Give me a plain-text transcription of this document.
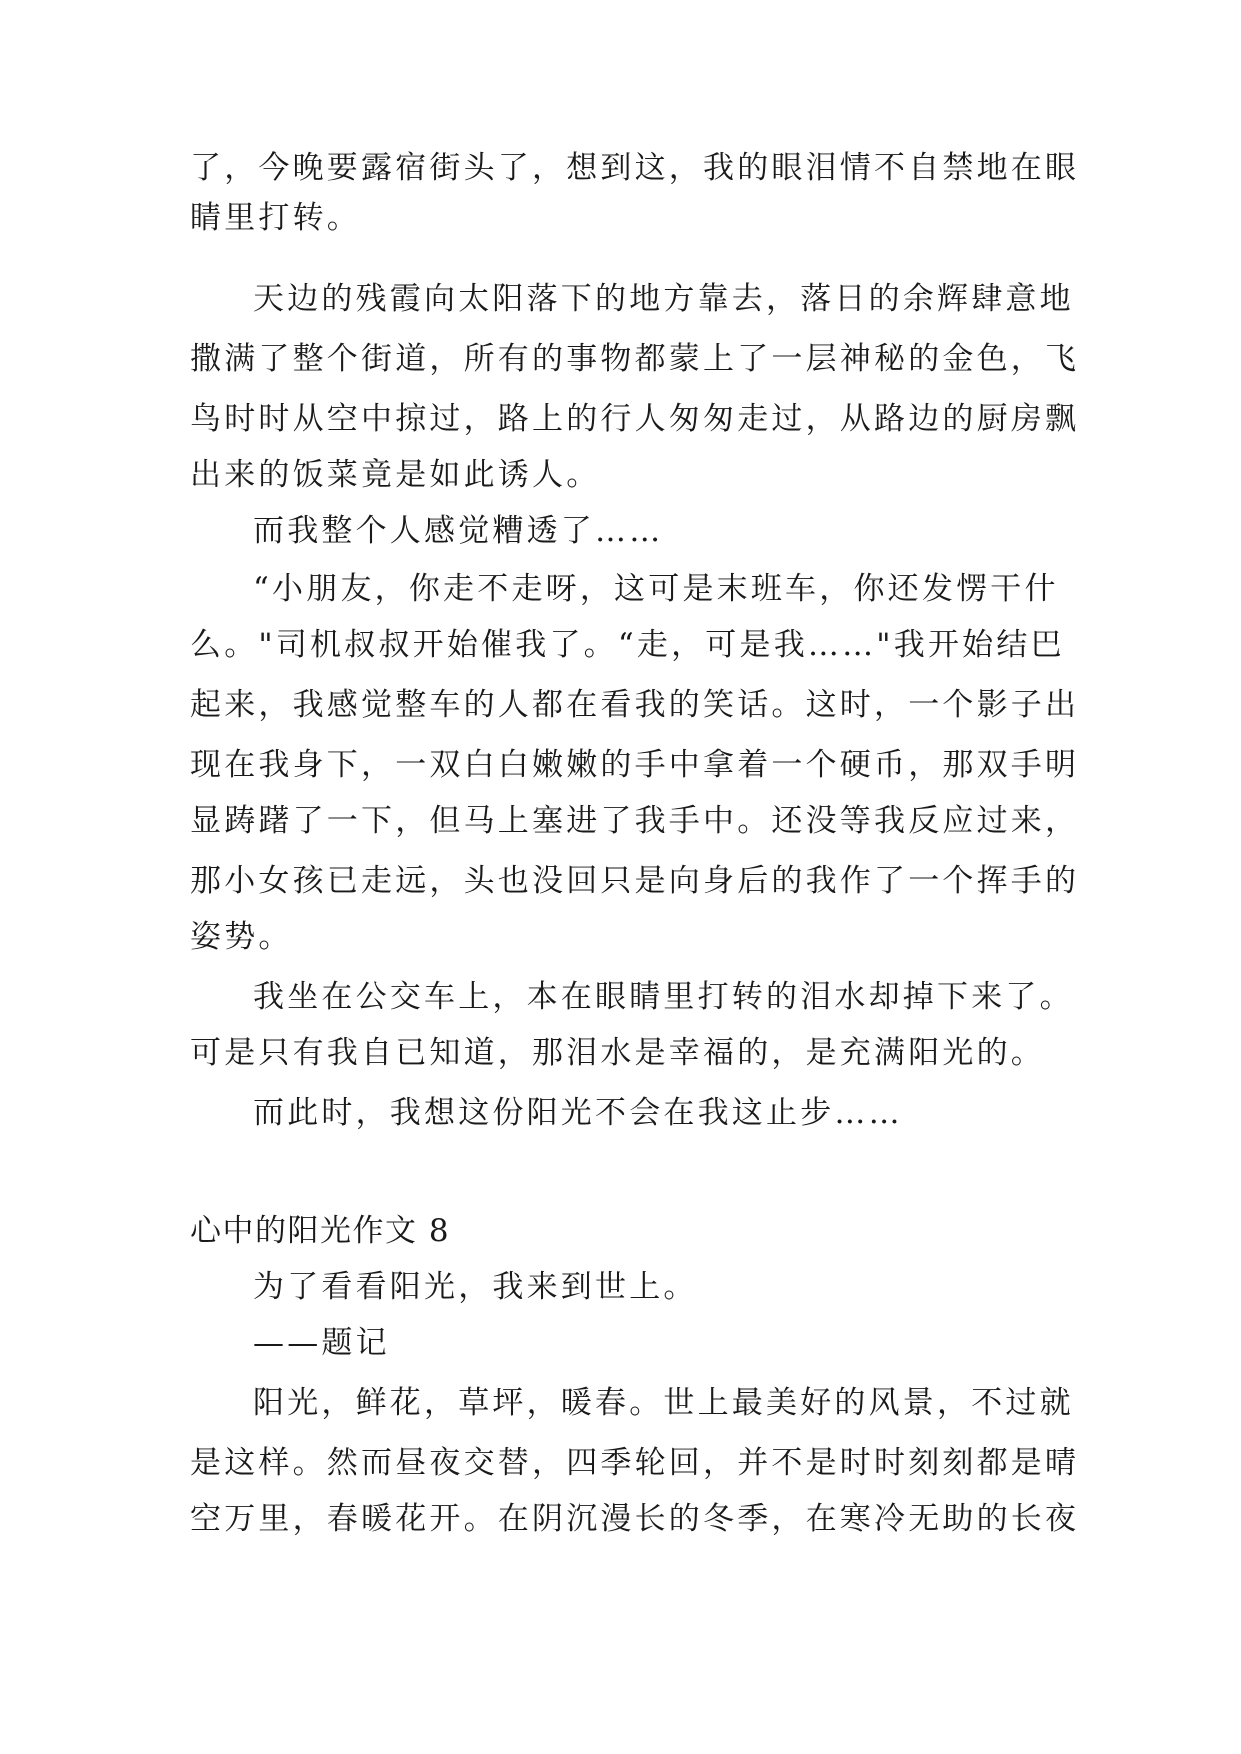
了，今晚要露宿街头了，想到这，我的眼泪情不自禁地在眼
睛里打转。
天边的残霞向太阳落下的地方靠去，落日的余辉肆意地
撒满了整个街道，所有的事物都蒙上了一层神秘的金色，飞
鸟时时从空中掠过，路上的行人匆匆走过，从路边的厨房飘
出来的饭菜竟是如此诱人。
而我整个人感觉糟透了……
“小朋友，你走不走呀，这可是末班车，你还发愣干什
么。"司机叔叔开始催我了。“走，可是我……"我开始结巴
起来，我感觉整车的人都在看我的笑话。这时，一个影子出
现在我身下，一双白白嫩嫩的手中拿着一个硬币，那双手明
显踌躇了一下，但马上塞进了我手中。还没等我反应过来，
那小女孩已走远，头也没回只是向身后的我作了一个挥手的
姿势。
我坐在公交车上，本在眼睛里打转的泪水却掉下来了。
可是只有我自已知道，那泪水是幸福的，是充满阳光的。
而此时，我想这份阳光不会在我这止步……
心中的阳光作文 8
为了看看阳光，我来到世上。
——题记
阳光，鲜花，草坪，暖春。世上最美好的风景，不过就
是这样。然而昼夜交替，四季轮回，并不是时时刻刻都是晴
空万里，春暖花开。在阴沉漫长的冬季，在寒冷无助的长夜
